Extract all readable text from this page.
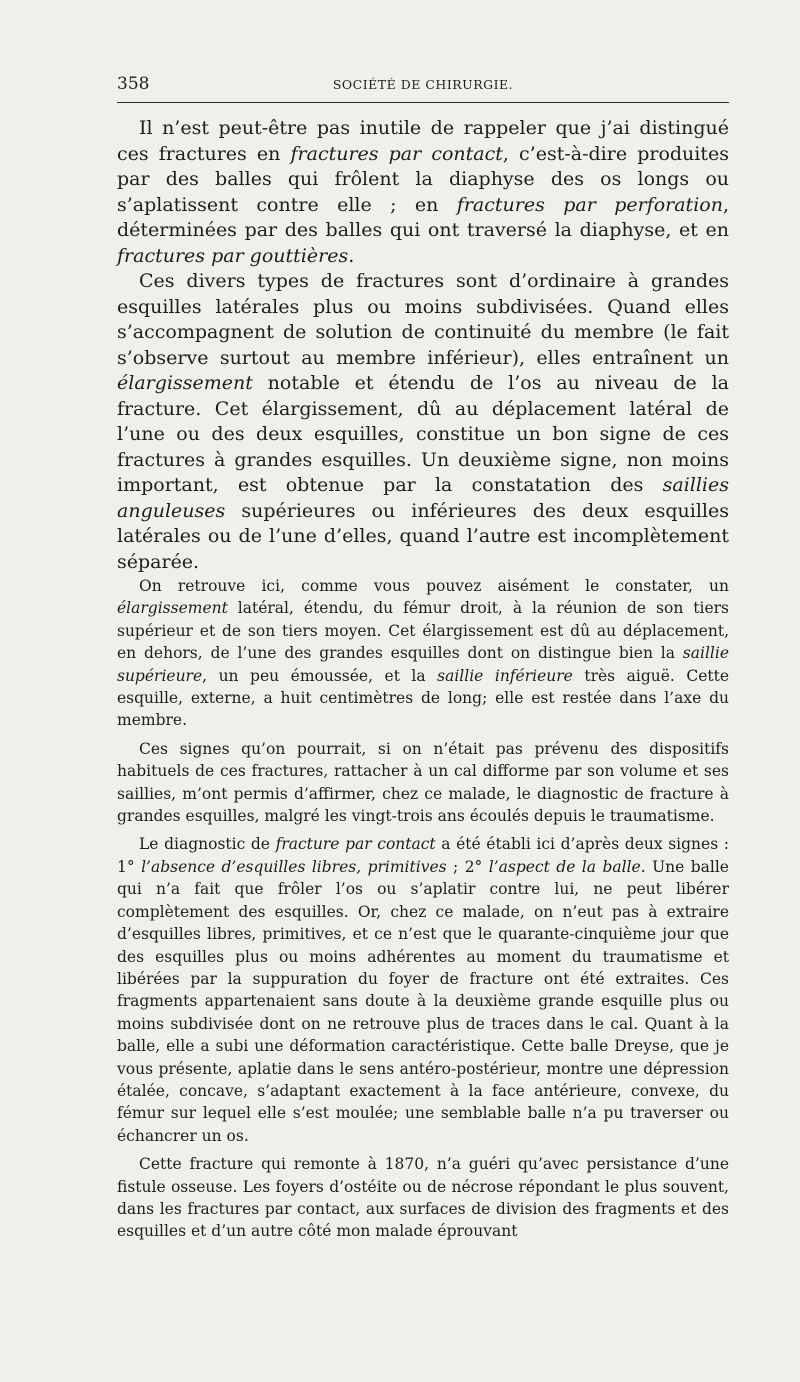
358	SOCIÉTÉ DE CHIRURGIE.

Il n’est peut-être pas inutile de rappeler que j’ai distingué ces fractures en fractures par contact, c’est-à-dire produites par des balles qui frôlent la diaphyse des os longs ou s’aplatissent contre elle ; en fractures par perforation, déterminées par des balles qui ont traversé la diaphyse, et en fractures par gouttières.

Ces divers types de fractures sont d’ordinaire à grandes esquilles latérales plus ou moins subdivisées. Quand elles s’accompagnent de solution de continuité du membre (le fait s’observe surtout au membre inférieur), elles entraînent un élargissement notable et étendu de l’os au niveau de la fracture. Cet élargissement, dû au déplacement latéral de l’une ou des deux esquilles, constitue un bon signe de ces fractures à grandes esquilles. Un deuxième signe, non moins important, est obtenue par la constatation des saillies anguleuses supérieures ou inférieures des deux esquilles latérales ou de l’une d’elles, quand l’autre est incomplètement séparée.

On retrouve ici, comme vous pouvez aisément le constater, un élargissement latéral, étendu, du fémur droit, à la réunion de son tiers supérieur et de son tiers moyen. Cet élargissement est dû au déplacement, en dehors, de l’une des grandes esquilles dont on distingue bien la saillie supérieure, un peu émoussée, et la saillie inférieure très aiguë. Cette esquille, externe, a huit centimètres de long; elle est restée dans l’axe du membre.

Ces signes qu’on pourrait, si on n’était pas prévenu des dispositifs habituels de ces fractures, rattacher à un cal difforme par son volume et ses saillies, m’ont permis d’affirmer, chez ce malade, le diagnostic de fracture à grandes esquilles, malgré les vingt-trois ans écoulés depuis le traumatisme.

Le diagnostic de fracture par contact a été établi ici d’après deux signes : 1° l’absence d’esquilles libres, primitives ; 2° l’aspect de la balle. Une balle qui n’a fait que frôler l’os ou s’aplatir contre lui, ne peut libérer complètement des esquilles. Or, chez ce malade, on n’eut pas à extraire d’esquilles libres, primitives, et ce n’est que le quarante-cinquième jour que des esquilles plus ou moins adhérentes au moment du traumatisme et libérées par la suppuration du foyer de fracture ont été extraites. Ces fragments appartenaient sans doute à la deuxième grande esquille plus ou moins subdivisée dont on ne retrouve plus de traces dans le cal. Quant à la balle, elle a subi une déformation caractéristique. Cette balle Dreyse, que je vous présente, aplatie dans le sens antéro-postérieur, montre une dépression étalée, concave, s’adaptant exactement à la face antérieure, convexe, du fémur sur lequel elle s’est moulée; une semblable balle n’a pu traverser ou échancrer un os.

Cette fracture qui remonte à 1870, n’a guéri qu’avec persistance d’une fistule osseuse. Les foyers d’ostéite ou de nécrose répondant le plus souvent, dans les fractures par contact, aux surfaces de division des fragments et des esquilles et d’un autre côté mon malade éprouvant
